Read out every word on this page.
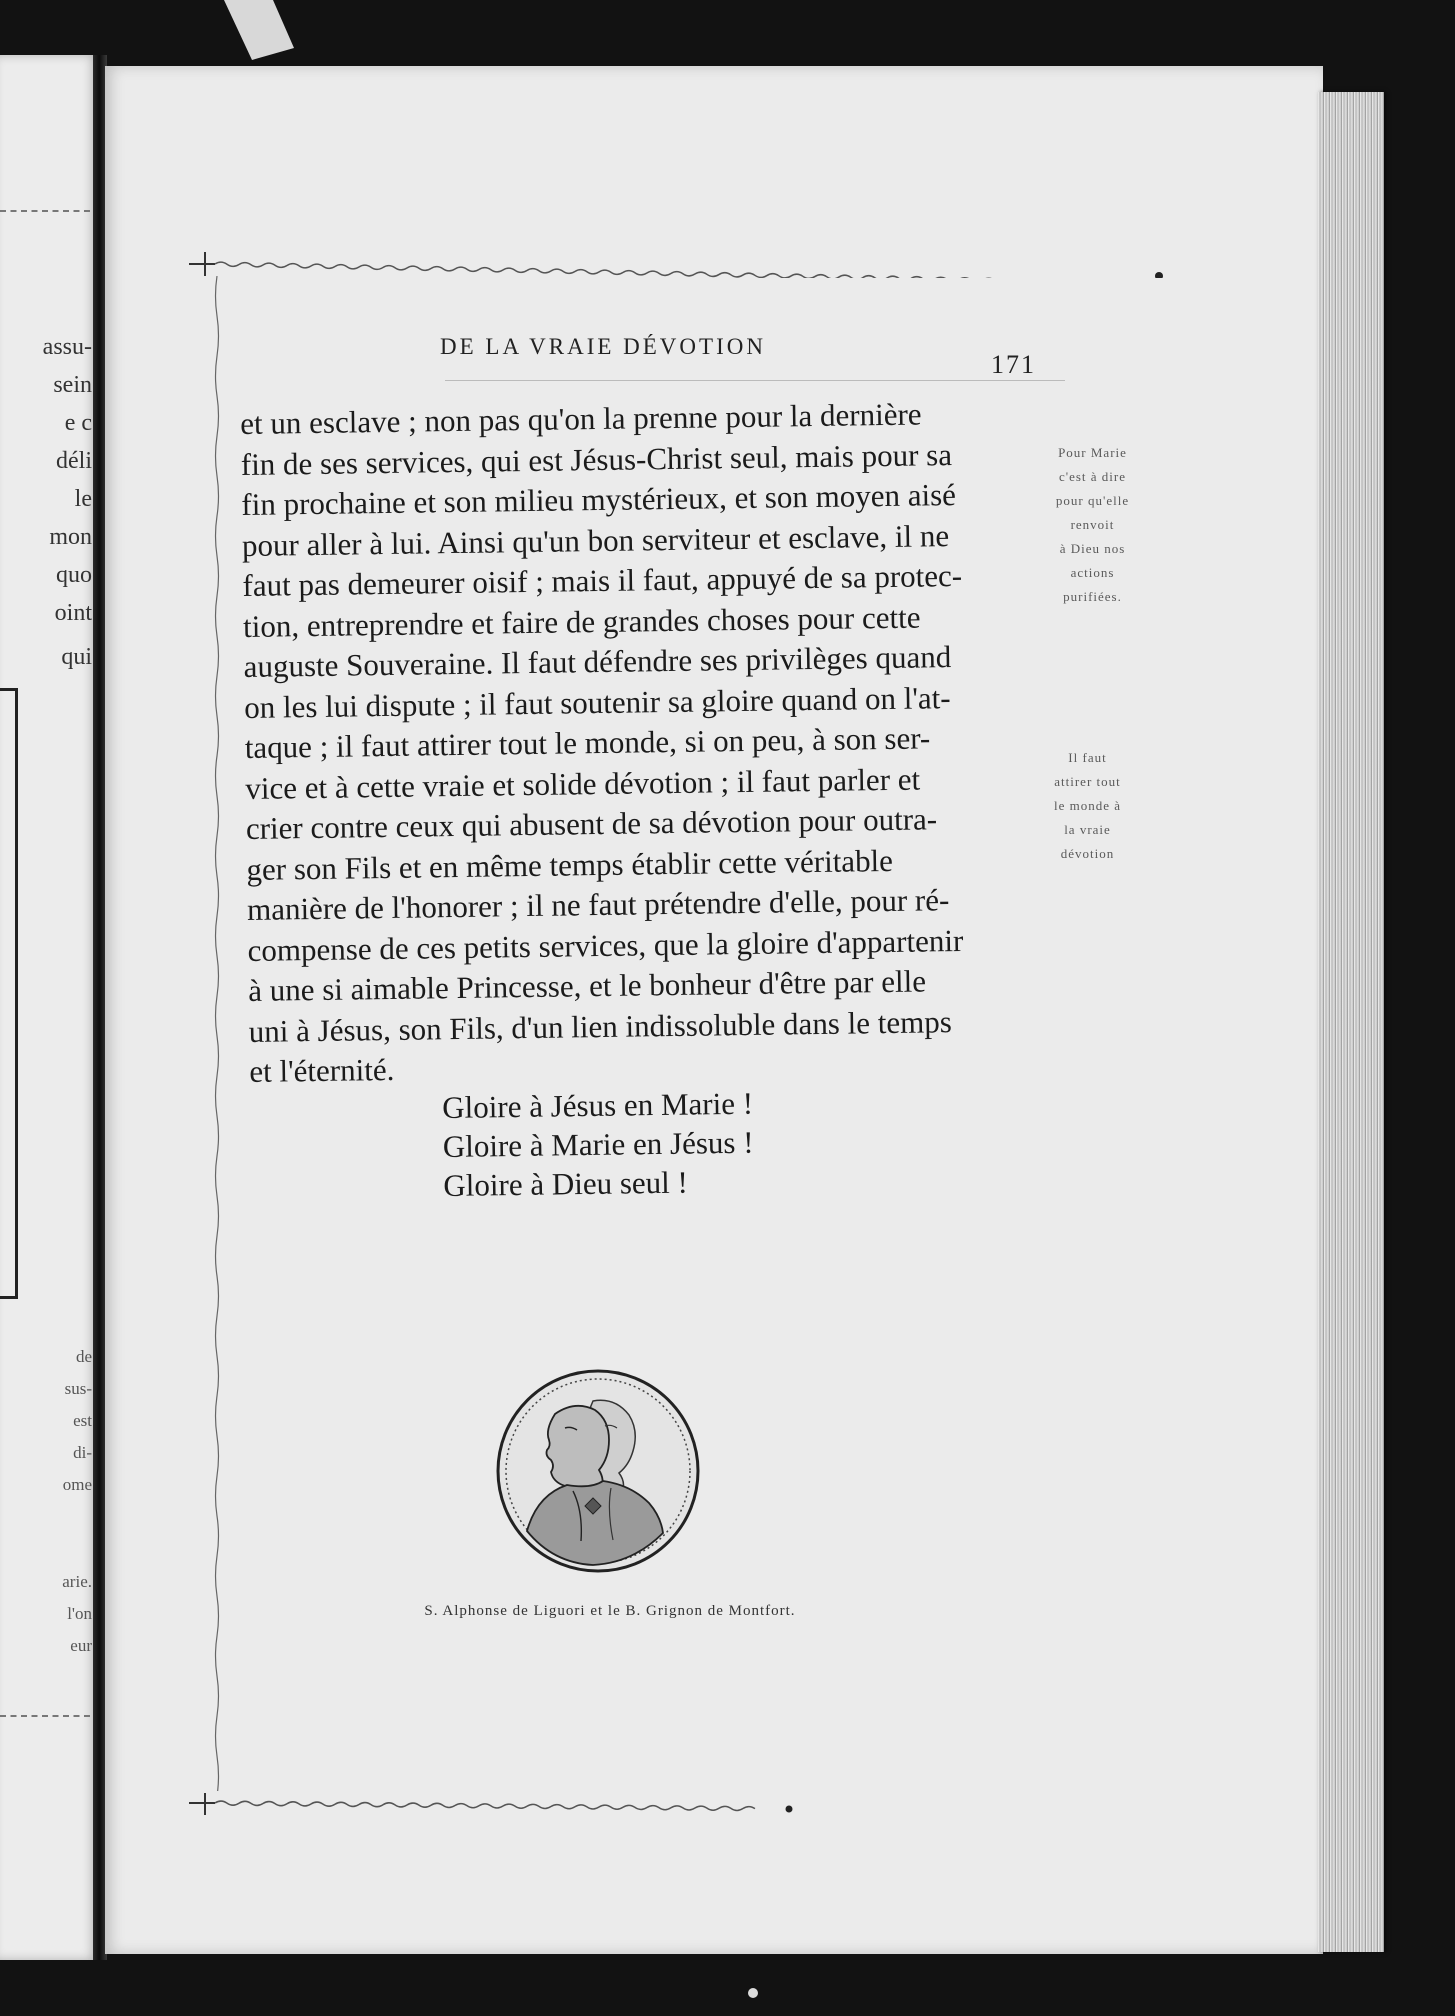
assu-
sein
e c
déli
le
mon
quo
oint
qui
de
sus-
est
di-
ome
arie.
l'on
eur
DE LA VRAIE DÉVOTION
171

et un esclave ; non pas qu'on la prenne pour la dernière

fin de ses services, qui est Jésus-Christ seul, mais pour sa

fin prochaine et son milieu mystérieux, et son moyen aisé

pour aller à lui. Ainsi qu'un bon serviteur et esclave, il ne

faut pas demeurer oisif ; mais il faut, appuyé de sa protec-

tion, entreprendre et faire de grandes choses pour cette

auguste Souveraine. Il faut défendre ses privilèges quand

on les lui dispute ; il faut soutenir sa gloire quand on l'at-

taque ; il faut attirer tout le monde, si on peu, à son ser-

vice et à cette vraie et solide dévotion ; il faut parler et

crier contre ceux qui abusent de sa dévotion pour outra-

ger son Fils et en même temps établir cette véritable

manière de l'honorer ; il ne faut prétendre d'elle, pour ré-

compense de ces petits services, que la gloire d'appartenir

à une si aimable Princesse, et le bonheur d'être par elle

uni à Jésus, son Fils, d'un lien indissoluble dans le temps

et l'éternité.

Pour Marie
c'est à dire
pour qu'elle
renvoit
à Dieu nos
actions
purifiées.
Il faut
attirer tout
le monde à
la vraie
dévotion
Gloire à Jésus en Marie !
Gloire à Marie en Jésus !
Gloire à Dieu seul !
S. Alphonse de Liguori et le B. Grignon de Montfort.
